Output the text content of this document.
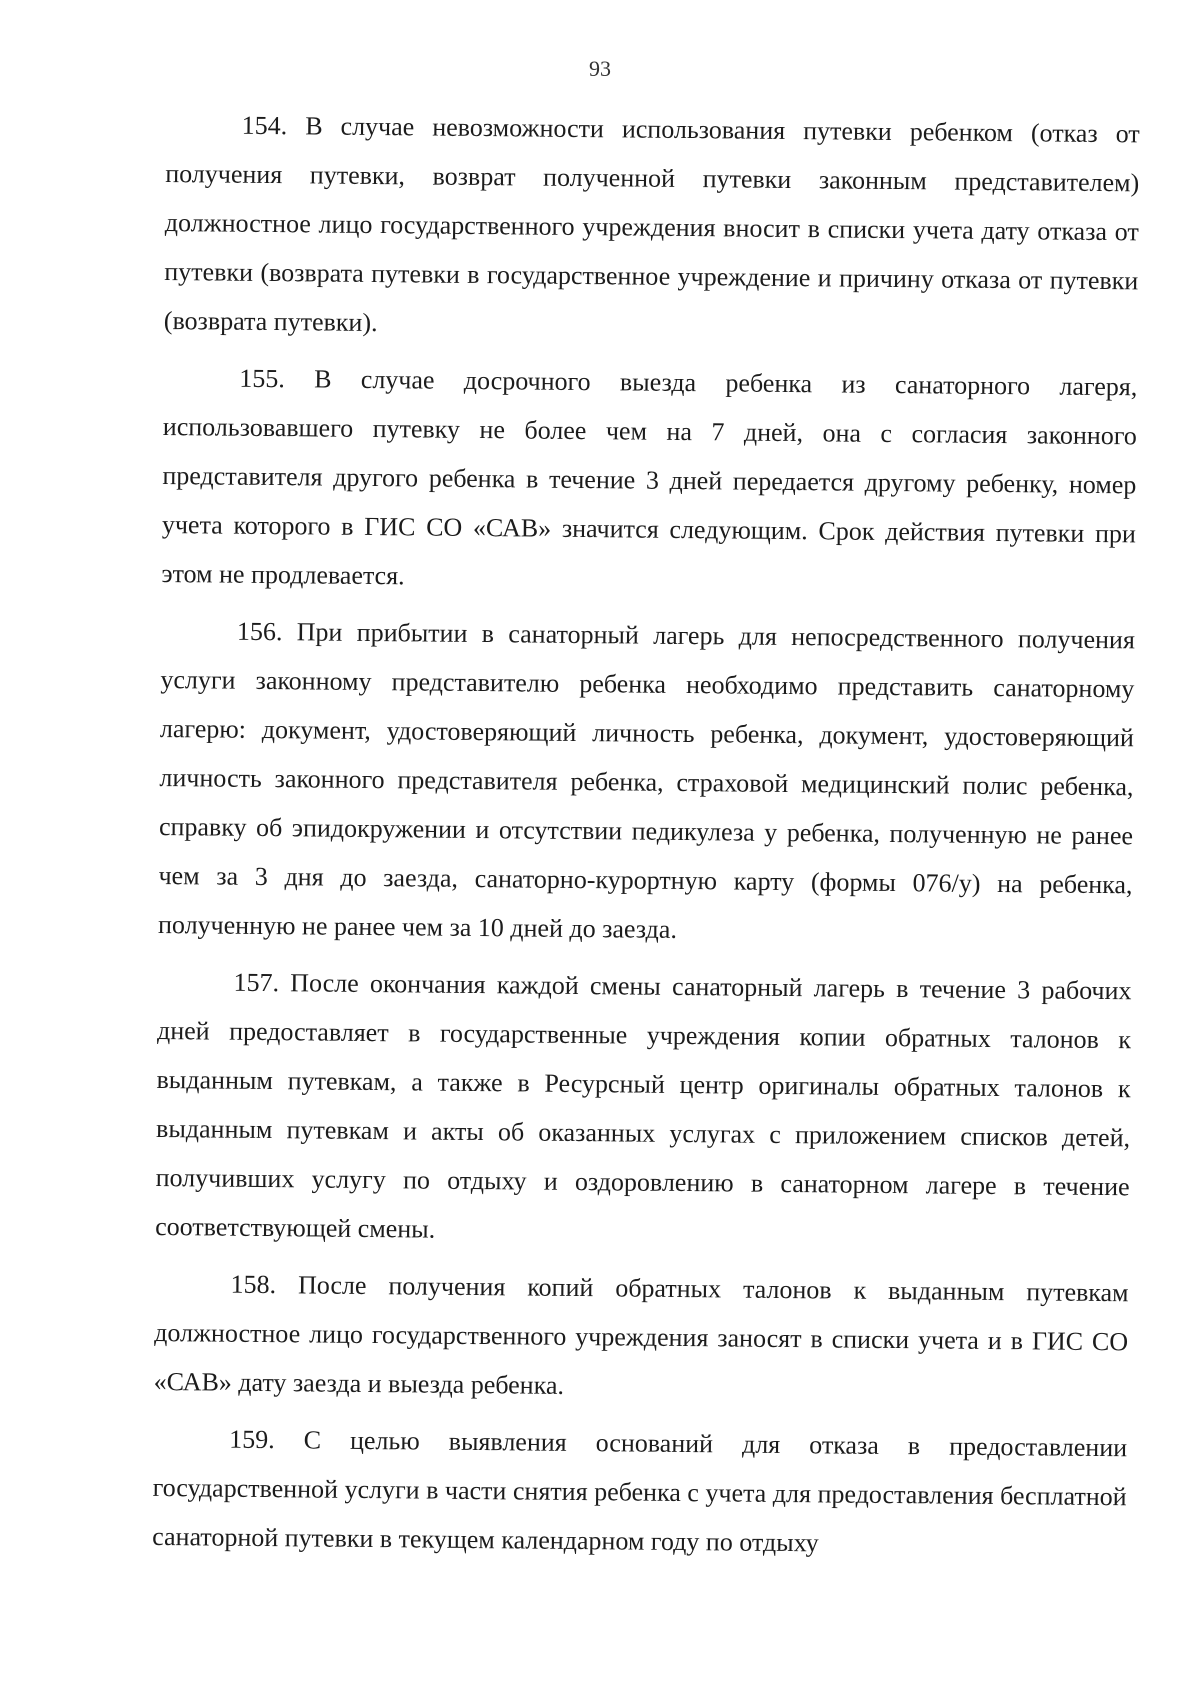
93

154. В случае невозможности использования путевки ребенком (отказ от получения путевки, возврат полученной путевки законным представителем) должностное лицо государственного учреждения вносит в списки учета дату отказа от путевки (возврата путевки в государственное учреждение и причину отказа от путевки (возврата путевки).

155. В случае досрочного выезда ребенка из санаторного лагеря, использовавшего путевку не более чем на 7 дней, она с согласия законного представителя другого ребенка в течение 3 дней передается другому ребенку, номер учета которого в ГИС СО «САВ» значится следующим. Срок действия путевки при этом не продлевается.

156. При прибытии в санаторный лагерь для непосредственного получения услуги законному представителю ребенка необходимо представить санаторному лагерю: документ, удостоверяющий личность ребенка, документ, удостоверяющий личность законного представителя ребенка, страховой медицинский полис ребенка, справку об эпидокружении и отсутствии педикулеза у ребенка, полученную не ранее чем за 3 дня до заезда, санаторно-курортную карту (формы 076/у) на ребенка, полученную не ранее чем за 10 дней до заезда.

157. После окончания каждой смены санаторный лагерь в течение 3 рабочих дней предоставляет в государственные учреждения копии обратных талонов к выданным путевкам, а также в Ресурсный центр оригиналы обратных талонов к выданным путевкам и акты об оказанных услугах с приложением списков детей, получивших услугу по отдыху и оздоровлению в санаторном лагере в течение соответствующей смены.

158. После получения копий обратных талонов к выданным путевкам должностное лицо государственного учреждения заносят в списки учета и в ГИС СО «САВ» дату заезда и выезда ребенка.

159. С целью выявления оснований для отказа в предоставлении государственной услуги в части снятия ребенка с учета для предоставления бесплатной санаторной путевки в текущем календарном году по отдыху
